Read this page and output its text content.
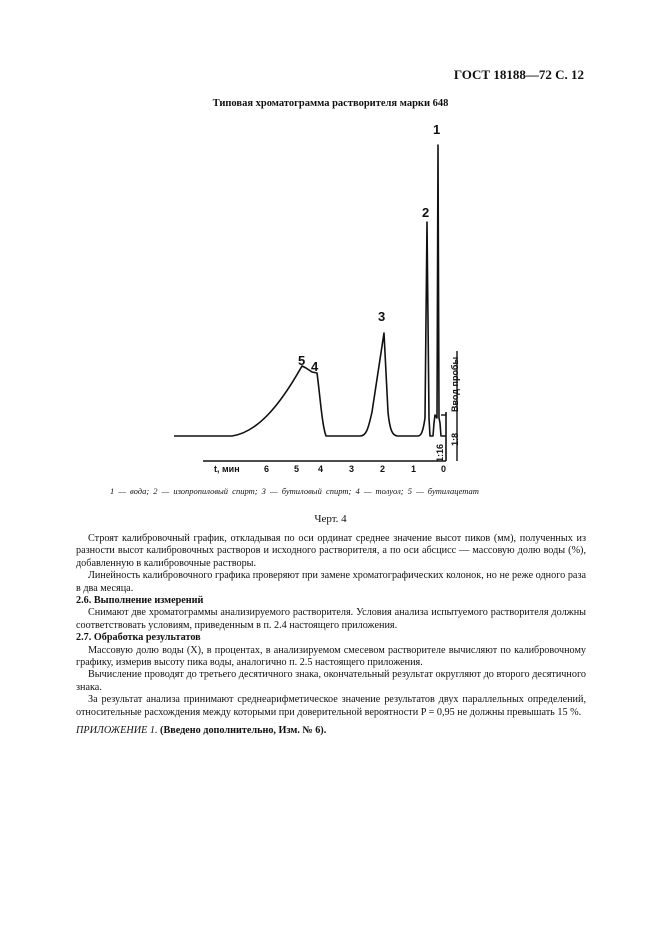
ГОСТ 18188—72 С. 12
Типовая хроматограмма растворителя марки 648
1
2
3
4
5	Ввод пробы
1:16
1:8
t, мин	6	5 4	3	2	1	0
1 — вода; 2 — изопропиловый спирт; 3 — бутиловый спирт; 4 — толуол; 5 — бутилацетат
Черт. 4

Строят калибровочный график, откладывая по оси ординат среднее значение высот пиков (мм), полученных из разности высот калибровочных растворов и исходного растворителя, а по оси абсцисс — массовую долю воды (%), добавленную в калибровочные растворы.

Линейность калибровочного графика проверяют при замене хроматографических колонок, но не реже одного раза в два месяца.

2.6. Выполнение измерений

Снимают две хроматограммы анализируемого растворителя. Условия анализа испытуемого растворителя должны соответствовать условиям, приведенным в п. 2.4 настоящего приложения.

2.7. Обработка результатов

Массовую долю воды (X), в процентах, в анализируемом смесевом растворителе вычисляют по калибровочному графику, измерив высоту пика воды, аналогично п. 2.5 настоящего приложения.

Вычисление проводят до третьего десятичного знака, окончательный результат округляют до второго десятичного знака.

За результат анализа принимают среднеарифметическое значение результатов двух параллельных определений, относительные расхождения между которыми при доверительной вероятности P = 0,95 не должны превышать 15 %.

ПРИЛОЖЕНИЕ 1. (Введено дополнительно, Изм. № 6).
